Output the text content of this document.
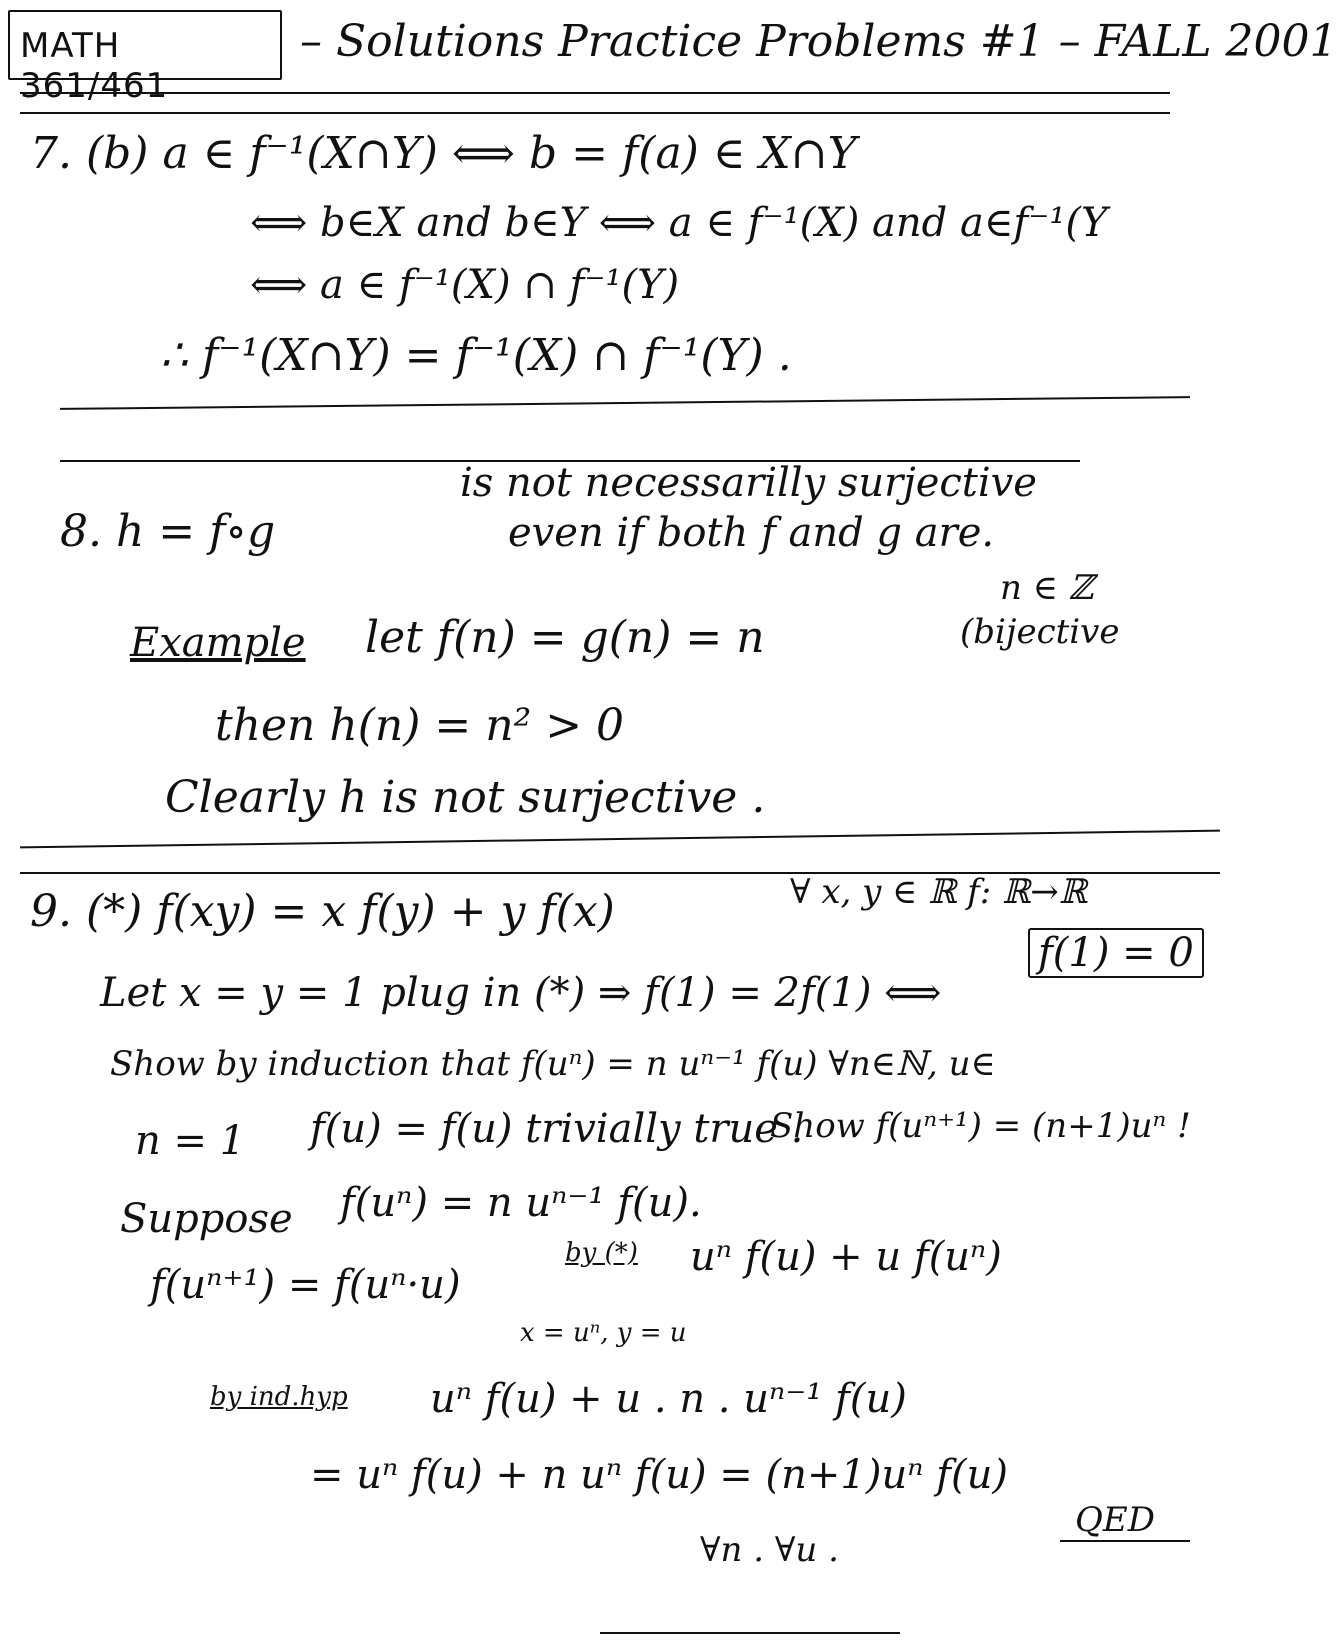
MATH 361/461
– Solutions Practice Problems #1 – FALL 2001
7. (b) a ∈ f⁻¹(X∩Y) ⟺ b = f(a) ∈ X∩Y
⟺ b∈X and b∈Y ⟺ a ∈ f⁻¹(X) and a∈f⁻¹(Y
⟺ a ∈ f⁻¹(X) ∩ f⁻¹(Y)
∴ f⁻¹(X∩Y) = f⁻¹(X) ∩ f⁻¹(Y) .
8. h = f∘g
is not necessarilly surjective
even if both f and g are.
Example let f(n) = g(n) = n
n ∈ ℤ
(bijective
then h(n) = n² > 0
Clearly h is not surjective .
9. (*) f(xy) = x f(y) + y f(x)	∀ x, y ∈ ℝ f: ℝ→ℝ
Let x = y = 1 plug in (*) ⇒ f(1) = 2f(1) ⟺
f(1) = 0
Show by induction that f(uⁿ) = n uⁿ⁻¹ f(u) ∀n∈ℕ, u∈
n = 1 f(u) = f(u) trivially true .
Show f(uⁿ⁺¹) = (n+1)uⁿ !
Suppose f(uⁿ) = n uⁿ⁻¹ f(u).
by (*)
f(uⁿ⁺¹) = f(uⁿ·u)
uⁿ f(u) + u f(uⁿ)
x = uⁿ, y = u
by ind.hyp uⁿ f(u) + u . n . uⁿ⁻¹ f(u)
= uⁿ f(u) + n uⁿ f(u) = (n+1)uⁿ f(u)
QED
∀n . ∀u .
